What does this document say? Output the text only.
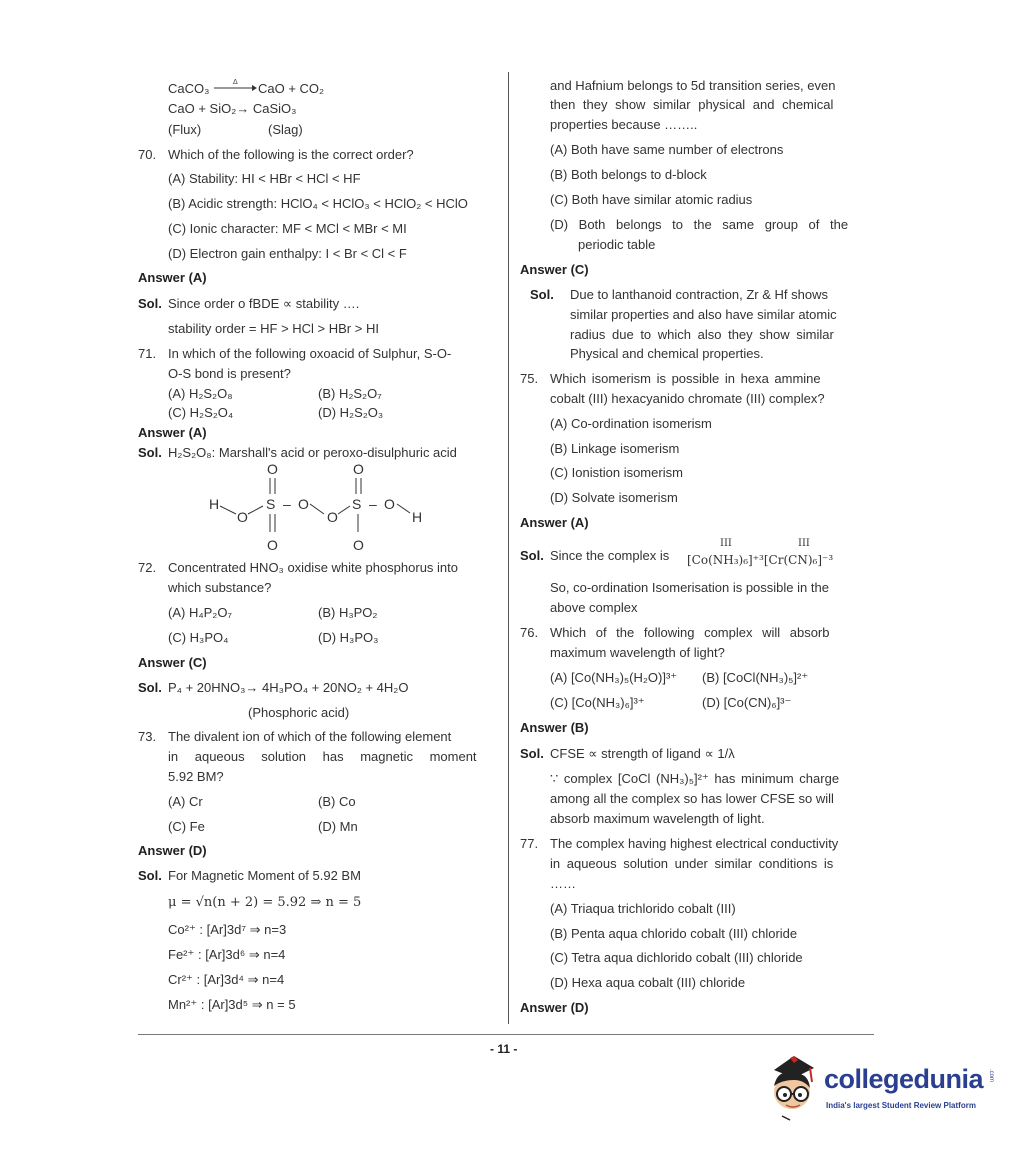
CaCO₃	Δ CaO + CO₂
CaO + SiO₂→ CaSiO₃
(Flux)	(Slag)
70. Which of the following is the correct order?
(A) Stability: HI < HBr < HCl < HF
(B) Acidic strength: HClO₄ < HClO₃ < HClO₂ < HClO
(C) Ionic character: MF < MCl < MBr < MI
(D) Electron gain enthalpy: I < Br < Cl < F
Answer (A)
Sol. Since order o fBDE ∝ stability ….
stability order = HF > HCl > HBr > HI
71. In which of the following oxoacid of Sulphur, S-O-
O-S bond is present?
(A) H₂S₂O₈	(B) H₂S₂O₇
(C) H₂S₂O₄	(D) H₂S₂O₃
Answer (A)
Sol. H₂S₂O₈: Marshall's acid or peroxo-disulphuric acid
O	O
H
O
S – O
O
S – O
H
O	O
72. Concentrated HNO₃ oxidise white phosphorus into
which substance?
(A) H₄P₂O₇	(B) H₃PO₂
(C) H₃PO₄	(D) H₃PO₃
Answer (C)
Sol. P₄ + 20HNO₃→ 4H₃PO₄ + 20NO₂ + 4H₂O
(Phosphoric acid)
73. The divalent ion of which of the following element
in aqueous solution has magnetic moment
5.92 BM?
(A) Cr	(B) Co
(C) Fe	(D) Mn
Answer (D)
Sol. For Magnetic Moment of 5.92 BM
μ = √n(n + 2) = 5.92 ⇒ n = 5
Co²⁺ : [Ar]3d⁷ ⇒ n=3
Fe²⁺ : [Ar]3d⁶ ⇒ n=4
Cr²⁺ : [Ar]3d⁴ ⇒ n=4
Mn²⁺ : [Ar]3d⁵ ⇒ n = 5
and Hafnium belongs to 5d transition series, even
then they show similar physical and chemical
properties because ……..
(A) Both have same number of electrons
(B) Both belongs to d-block
(C) Both have similar atomic radius
(D) Both belongs to the same group of the
periodic table
Answer (C)
Sol. Due to lanthanoid contraction, Zr & Hf shows
similar properties and also have similar atomic
radius due to which also they show similar
Physical and chemical properties.
75. Which isomerism is possible in hexa ammine
cobalt (III) hexacyanido chromate (III) complex?
(A) Co-ordination isomerism
(B) Linkage isomerism
(C) Ionistion isomerism
(D) Solvate isomerism
Answer (A)
Sol. Since the complex is
III	III
[Co(NH₃)₆]⁺³[Cr(CN)₆]⁻³
So, co-ordination Isomerisation is possible in the
above complex
76. Which of the following complex will absorb
maximum wavelength of light?
(A) [Co(NH₃)₅(H₂O)]³⁺ (B) [CoCl(NH₃)₅]²⁺
(C) [Co(NH₃)₆]³⁺	(D) [Co(CN)₆]³⁻
Answer (B)
Sol. CFSE ∝ strength of ligand ∝ 1/λ
∵ complex [CoCl (NH₃)₅]²⁺ has minimum charge
among all the complex so has lower CFSE so will
absorb maximum wavelength of light.
77. The complex having highest electrical conductivity
in aqueous solution under similar conditions is
……
(A) Triaqua trichlorido cobalt (III)
(B) Penta aqua chlorido cobalt (III) chloride
(C) Tetra aqua dichlorido cobalt (III) chloride
(D) Hexa aqua cobalt (III) chloride
Answer (D)
- 11 -
collegedunia .com
India's largest Student Review Platform
